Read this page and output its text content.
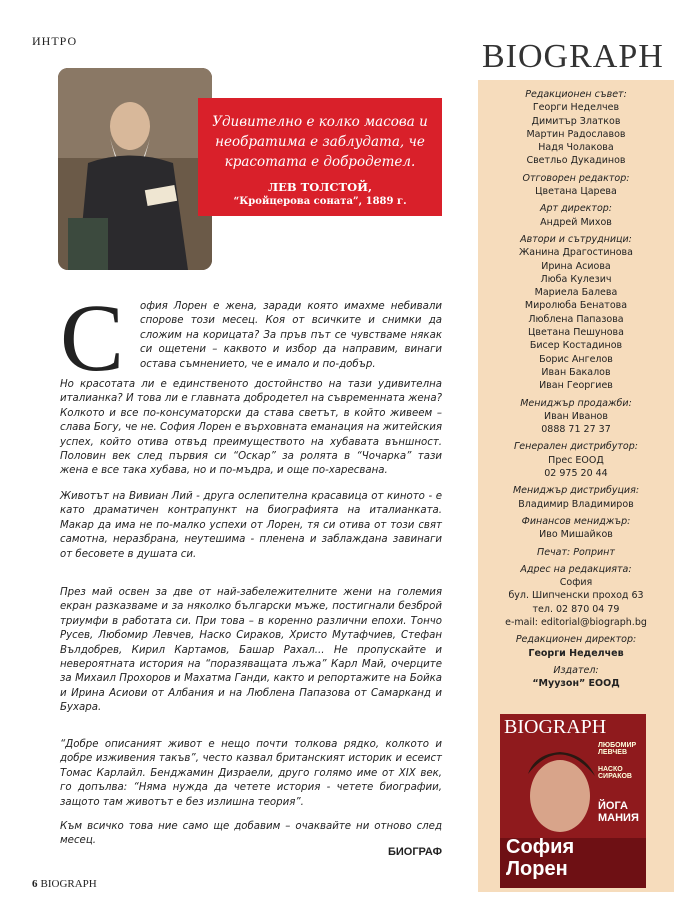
ИНТРО
Удивително е колко масова и необратима е заблудата, че красотата е добродетел.
ЛЕВ ТОЛСТОЙ,
“Кройцерова соната”, 1889 г.
С офия Лорен е жена, заради която имахме небивали спорове този месец. Коя от всичките и снимки да сложим на корицата? За пръв път се чувстваме някак си ощетени – каквото и избор да направим, винаги остава съмнението, че е имало и по-добър.

Но красотата ли е единственото достойнство на тази удивителна италианка? И това ли е главната добродетел на съвременната жена? Колкото и все по-консуматорски да става светът, в който живеем – слава Богу, че не. София Лорен е върховната еманация на житейския успех, който отива отвъд преимуществото на хубавата външност. Половин век след първия си “Оскар” за ролята в “Чочарка” тази жена е все така хубава, но и по-мъдра, и още по-харесвана.

Животът на Вивиан Лий - друга ослепителна красавица от киното - е като драматичен контрапункт на биографията на италианката. Макар да има не по-малко успехи от Лорен, тя си отива от този свят самотна, неразбрана, неутешима - пленена и заблаждана завинаги от бесовете в душата си.

През май освен за две от най-забележителните жени на големия екран разказваме и за няколко български мъже, постигнали безброй триумфи в работата си. При това – в коренно различни епохи. Тончо Русев, Любомир Левчев, Наско Сираков, Христо Мутафчиев, Стефан Вълдобрев, Кирил Картамов, Башар Рахал... Не пропускайте и невероятната история на “поразяващата лъжа” Карл Май, очерците за Михаил Прохоров и Махатма Ганди, както и репортажите на Бойка и Ирина Асиови от Албания и на Люблена Папазова от Самарканд и Бухара.

“Добре описаният живот е нещо почти толкова рядко, колкото и добре изживения такъв”, често казвал британският историк и есеист Томас Карлайл. Бенджамин Дизраели, друго голямо име от XIX век, го допълва: “Няма нужда да четете история - четете биографии, защото там животът е без излишна теория”.

Към всичко това ние само ще добавим – очаквайте ни отново след месец.

БИОГРАФ
6 BIOGRAPH
BIOGRAPH
Редакционен съвет:
Георги Неделчев
Димитър Златков
Мартин Радославов
Надя Чолакова
Светльо Дукадинов
Отговорен редактор:
Цветана Царева
Арт директор:
Андрей Михов
Автори и сътрудници:
Жанина Драгостинова
Ирина Асиова
Люба Кулезич
Мариела Балева
Миролюба Бенатова
Люблена Папазова
Цветана Пешунова
Бисер Костадинов
Борис Ангелов
Иван Бакалов
Иван Георгиев
Мениджър продажби:
Иван Иванов
0888 71 27 37
Генерален дистрибутор:
Прес ЕООД
02 975 20 44
Мениджър дистрибуция:
Владимир Владимиров
Финансов мениджър:
Иво Мишайков
Печат: Ропринт
Адрес на редакцията:
София
бул. Шипченски проход 63
тел. 02 870 04 79
e-mail: editorial@biograph.bg
Редакционен директор:
Георги Неделчев
Издател:
“Муузон” ЕООД
BIOGRAPH
ЛЮБОМИР ЛЕВЧЕВ
НАСКО СИРАКОВ
ЙОГА МАНИЯ
София
Лорен
